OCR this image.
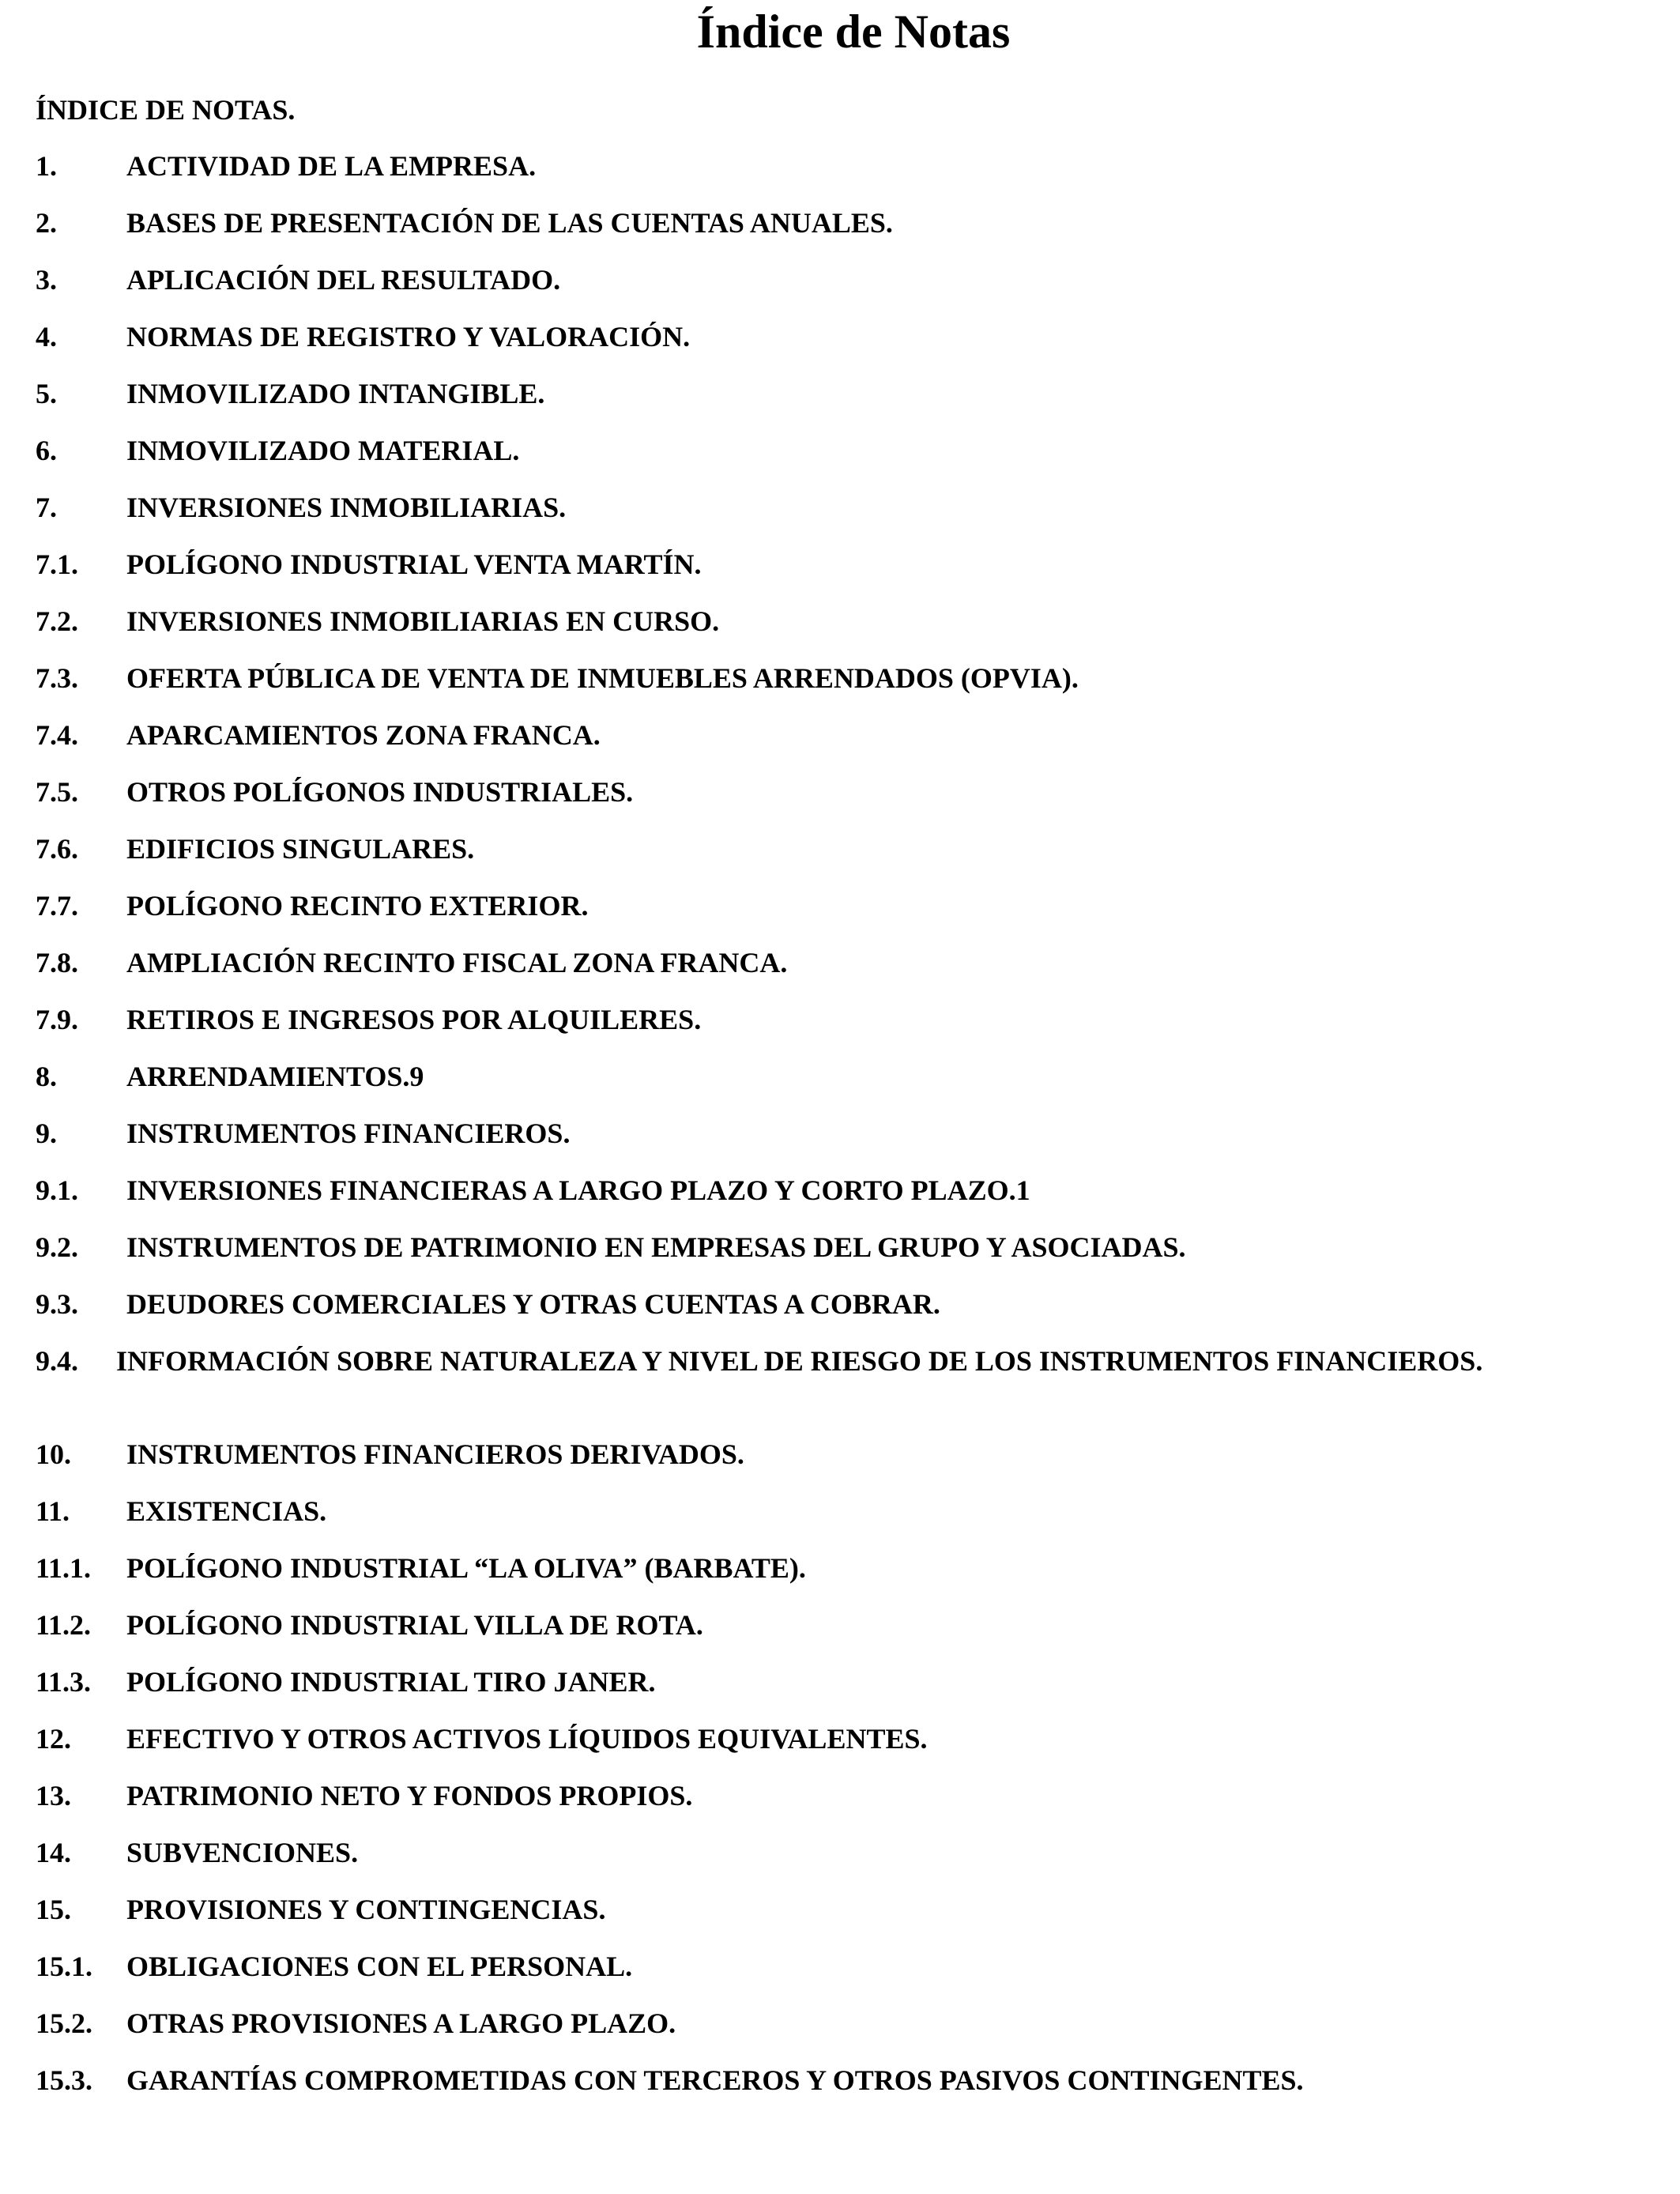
Índice de Notas
ÍNDICE DE NOTAS.
1. ACTIVIDAD DE LA EMPRESA.
2. BASES DE PRESENTACIÓN DE LAS CUENTAS ANUALES.
3. APLICACIÓN DEL RESULTADO.
4. NORMAS DE REGISTRO Y VALORACIÓN.
5. INMOVILIZADO INTANGIBLE.
6. INMOVILIZADO MATERIAL.
7. INVERSIONES INMOBILIARIAS.
7.1. POLÍGONO INDUSTRIAL VENTA MARTÍN.
7.2. INVERSIONES INMOBILIARIAS EN CURSO.
7.3. OFERTA PÚBLICA DE VENTA DE INMUEBLES ARRENDADOS (OPVIA).
7.4. APARCAMIENTOS ZONA FRANCA.
7.5. OTROS POLÍGONOS INDUSTRIALES.
7.6. EDIFICIOS SINGULARES.
7.7. POLÍGONO RECINTO EXTERIOR.
7.8. AMPLIACIÓN RECINTO FISCAL ZONA FRANCA.
7.9. RETIROS E INGRESOS POR ALQUILERES.
8. ARRENDAMIENTOS.9
9. INSTRUMENTOS FINANCIEROS.
9.1. INVERSIONES FINANCIERAS A LARGO PLAZO Y CORTO PLAZO.1
9.2. INSTRUMENTOS DE PATRIMONIO EN EMPRESAS DEL GRUPO Y ASOCIADAS.
9.3. DEUDORES COMERCIALES Y OTRAS CUENTAS A COBRAR.
9.4. INFORMACIÓN SOBRE NATURALEZA Y NIVEL DE RIESGO DE LOS INSTRUMENTOS FINANCIEROS.
10. INSTRUMENTOS FINANCIEROS DERIVADOS.
11. EXISTENCIAS.
11.1. POLÍGONO INDUSTRIAL “LA OLIVA” (BARBATE).
11.2. POLÍGONO INDUSTRIAL VILLA DE ROTA.
11.3. POLÍGONO INDUSTRIAL TIRO JANER.
12. EFECTIVO Y OTROS ACTIVOS LÍQUIDOS EQUIVALENTES.
13. PATRIMONIO NETO Y FONDOS PROPIOS.
14. SUBVENCIONES.
15. PROVISIONES Y CONTINGENCIAS.
15.1. OBLIGACIONES CON EL PERSONAL.
15.2. OTRAS PROVISIONES A LARGO PLAZO.
15.3. GARANTÍAS COMPROMETIDAS CON TERCEROS Y OTROS PASIVOS CONTINGENTES.
